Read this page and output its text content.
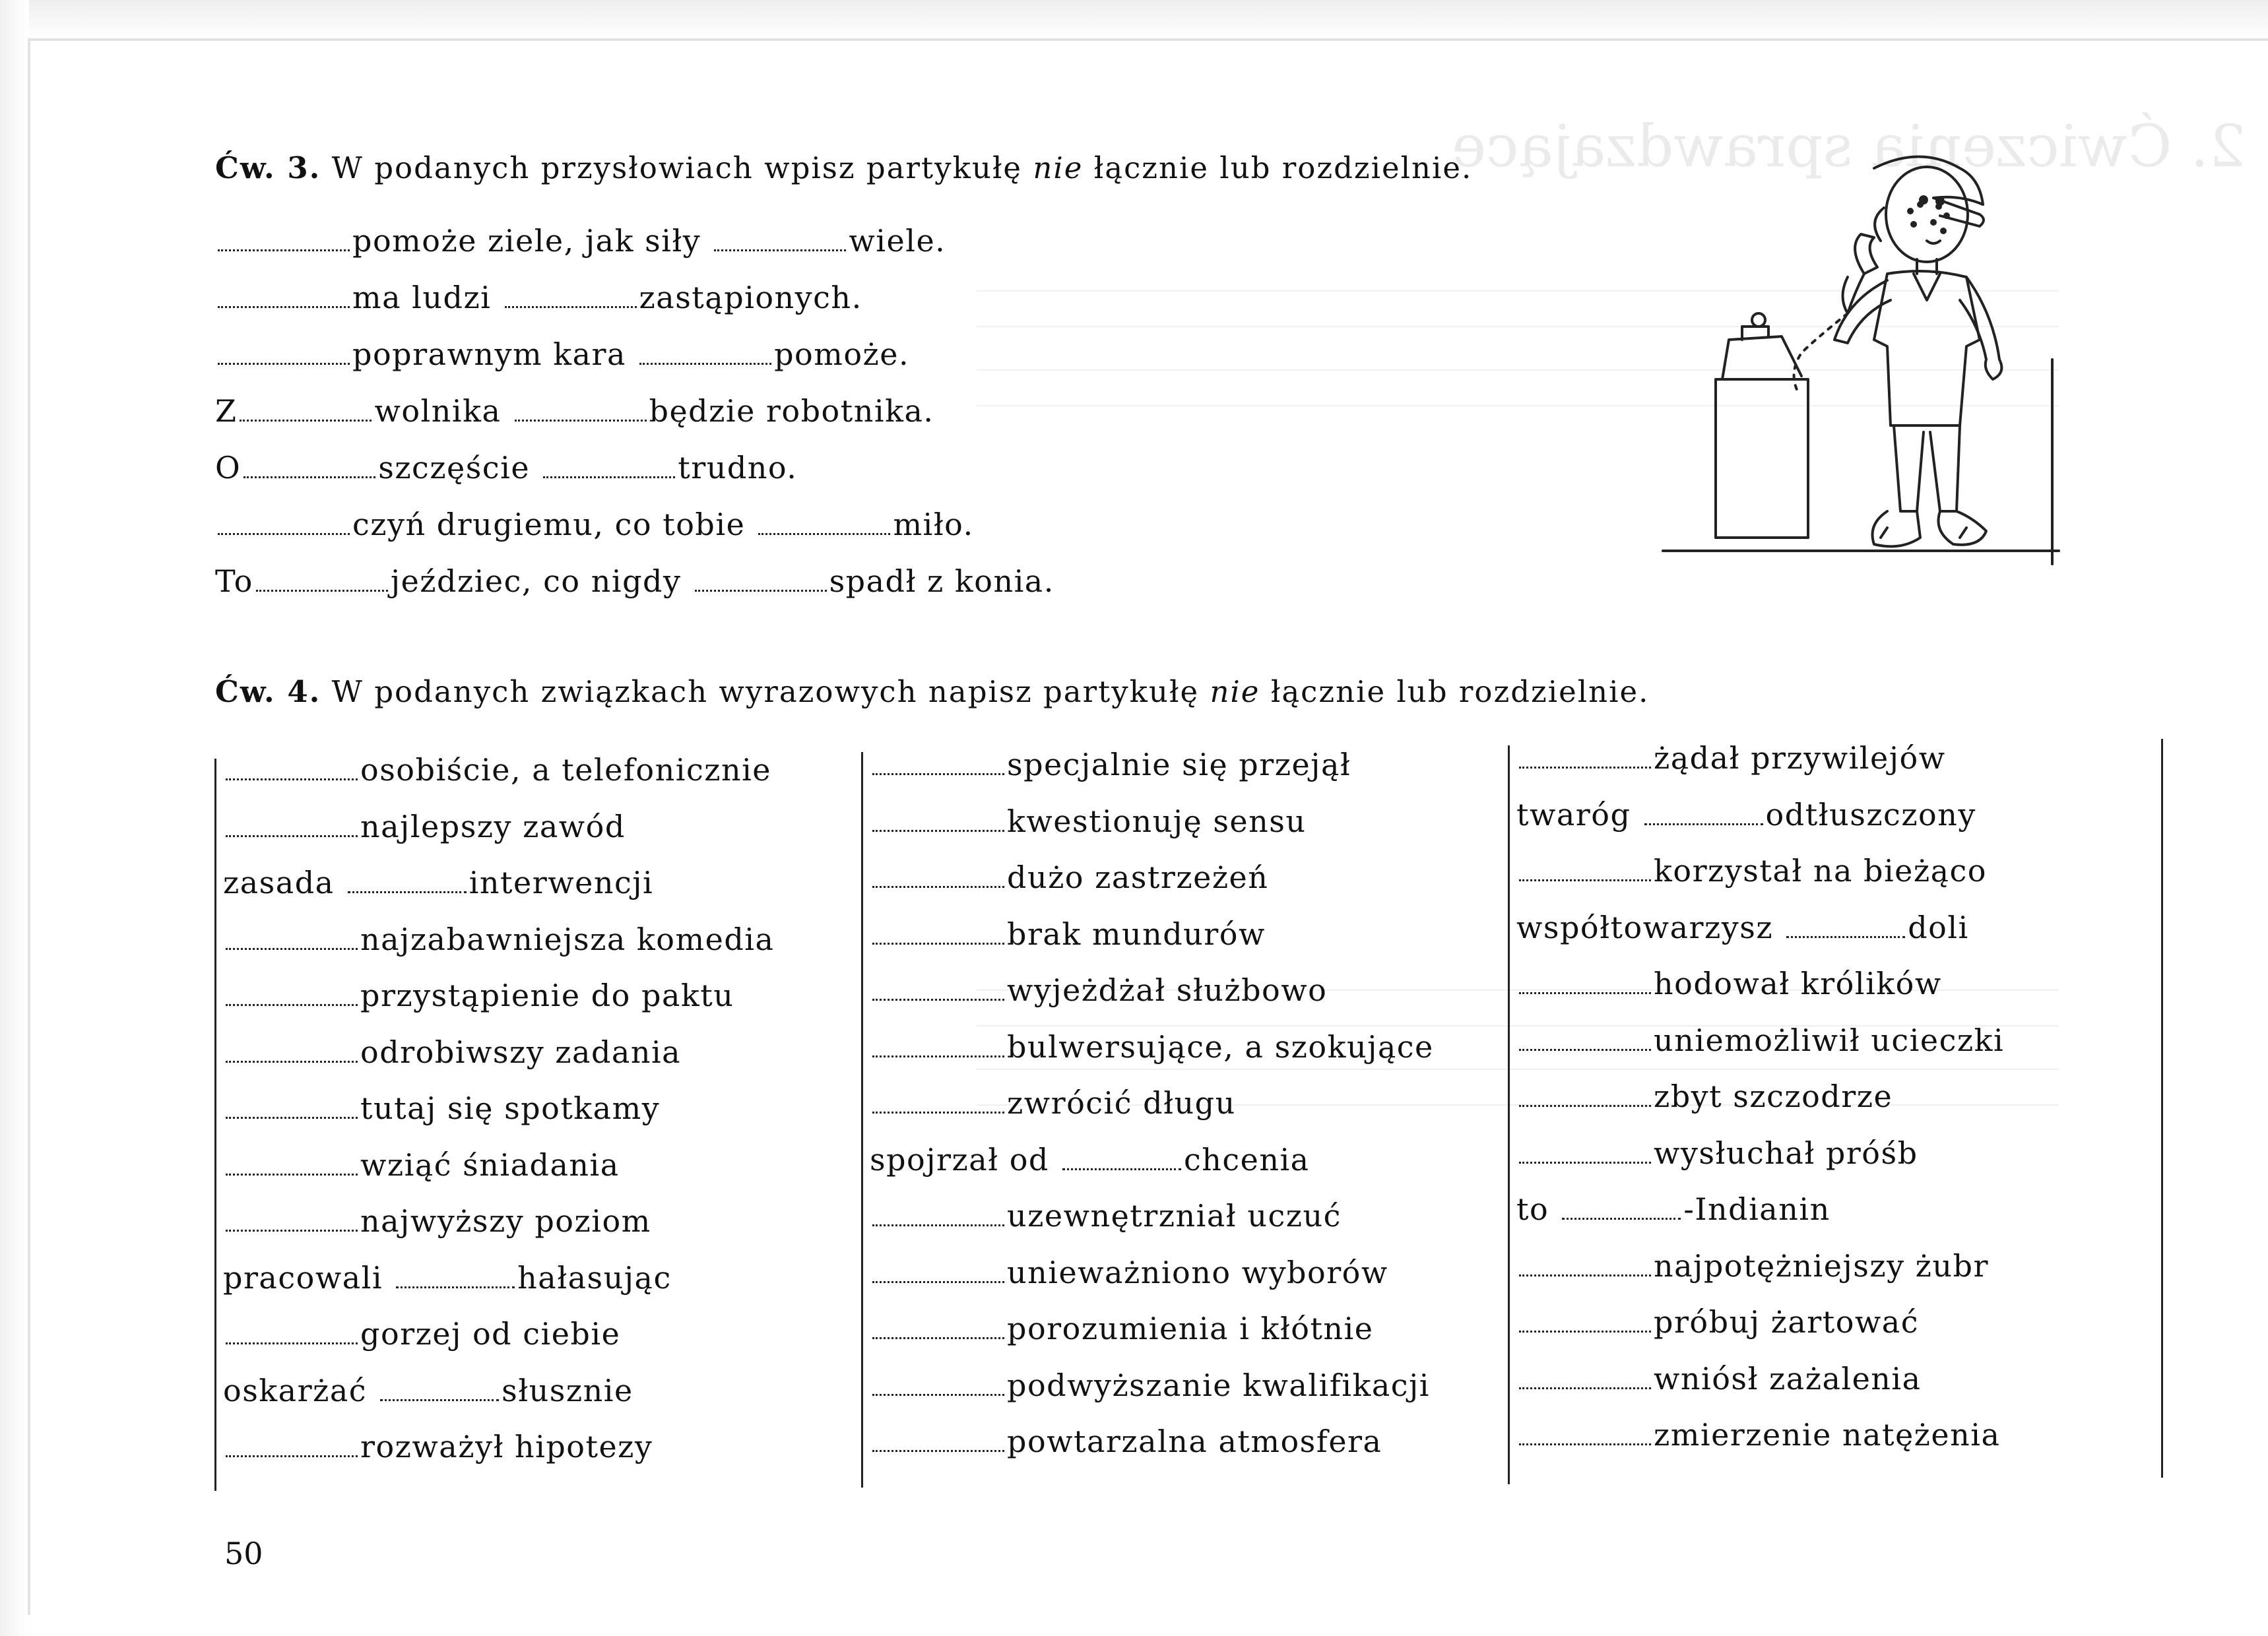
2. Ćwiczenia sprawdzające
Ćw. 3. W podanych przysłowiach wpisz partykułę nie łącznie lub rozdzielnie.
pomoże ziele, jak siły	wiele.
ma ludzi	zastąpionych.
poprawnym kara	pomoże.
Z	wolnika	będzie robotnika.
O	szczęście	trudno.
czyń drugiemu, co tobie	miło.
To	jeździec, co nigdy	spadł z konia.
Ćw. 4. W podanych związkach wyrazowych napisz partykułę nie łącznie lub rozdzielnie.
osobiście, a telefonicznie
najlepszy zawód
zasada	interwencji
najzabawniejsza komedia
przystąpienie do paktu
odrobiwszy zadania
tutaj się spotkamy
wziąć śniadania
najwyższy poziom
pracowali	hałasując
gorzej od ciebie
oskarżać	słusznie
rozważył hipotezy
specjalnie się przejął
kwestionuję sensu
dużo zastrzeżeń
brak mundurów
wyjeżdżał służbowo
bulwersujące, a szokujące
zwrócić długu
spojrzał od	chcenia
uzewnętrzniał uczuć
unieważniono wyborów
porozumienia i kłótnie
podwyższanie kwalifikacji
powtarzalna atmosfera
żądał przywilejów
twaróg	odtłuszczony
korzystał na bieżąco
współtowarzysz	doli
hodował królików
uniemożliwił ucieczki
zbyt szczodrze
wysłuchał próśb
to	-Indianin
najpotężniejszy żubr
próbuj żartować
wniósł zażalenia
zmierzenie natężenia
50
